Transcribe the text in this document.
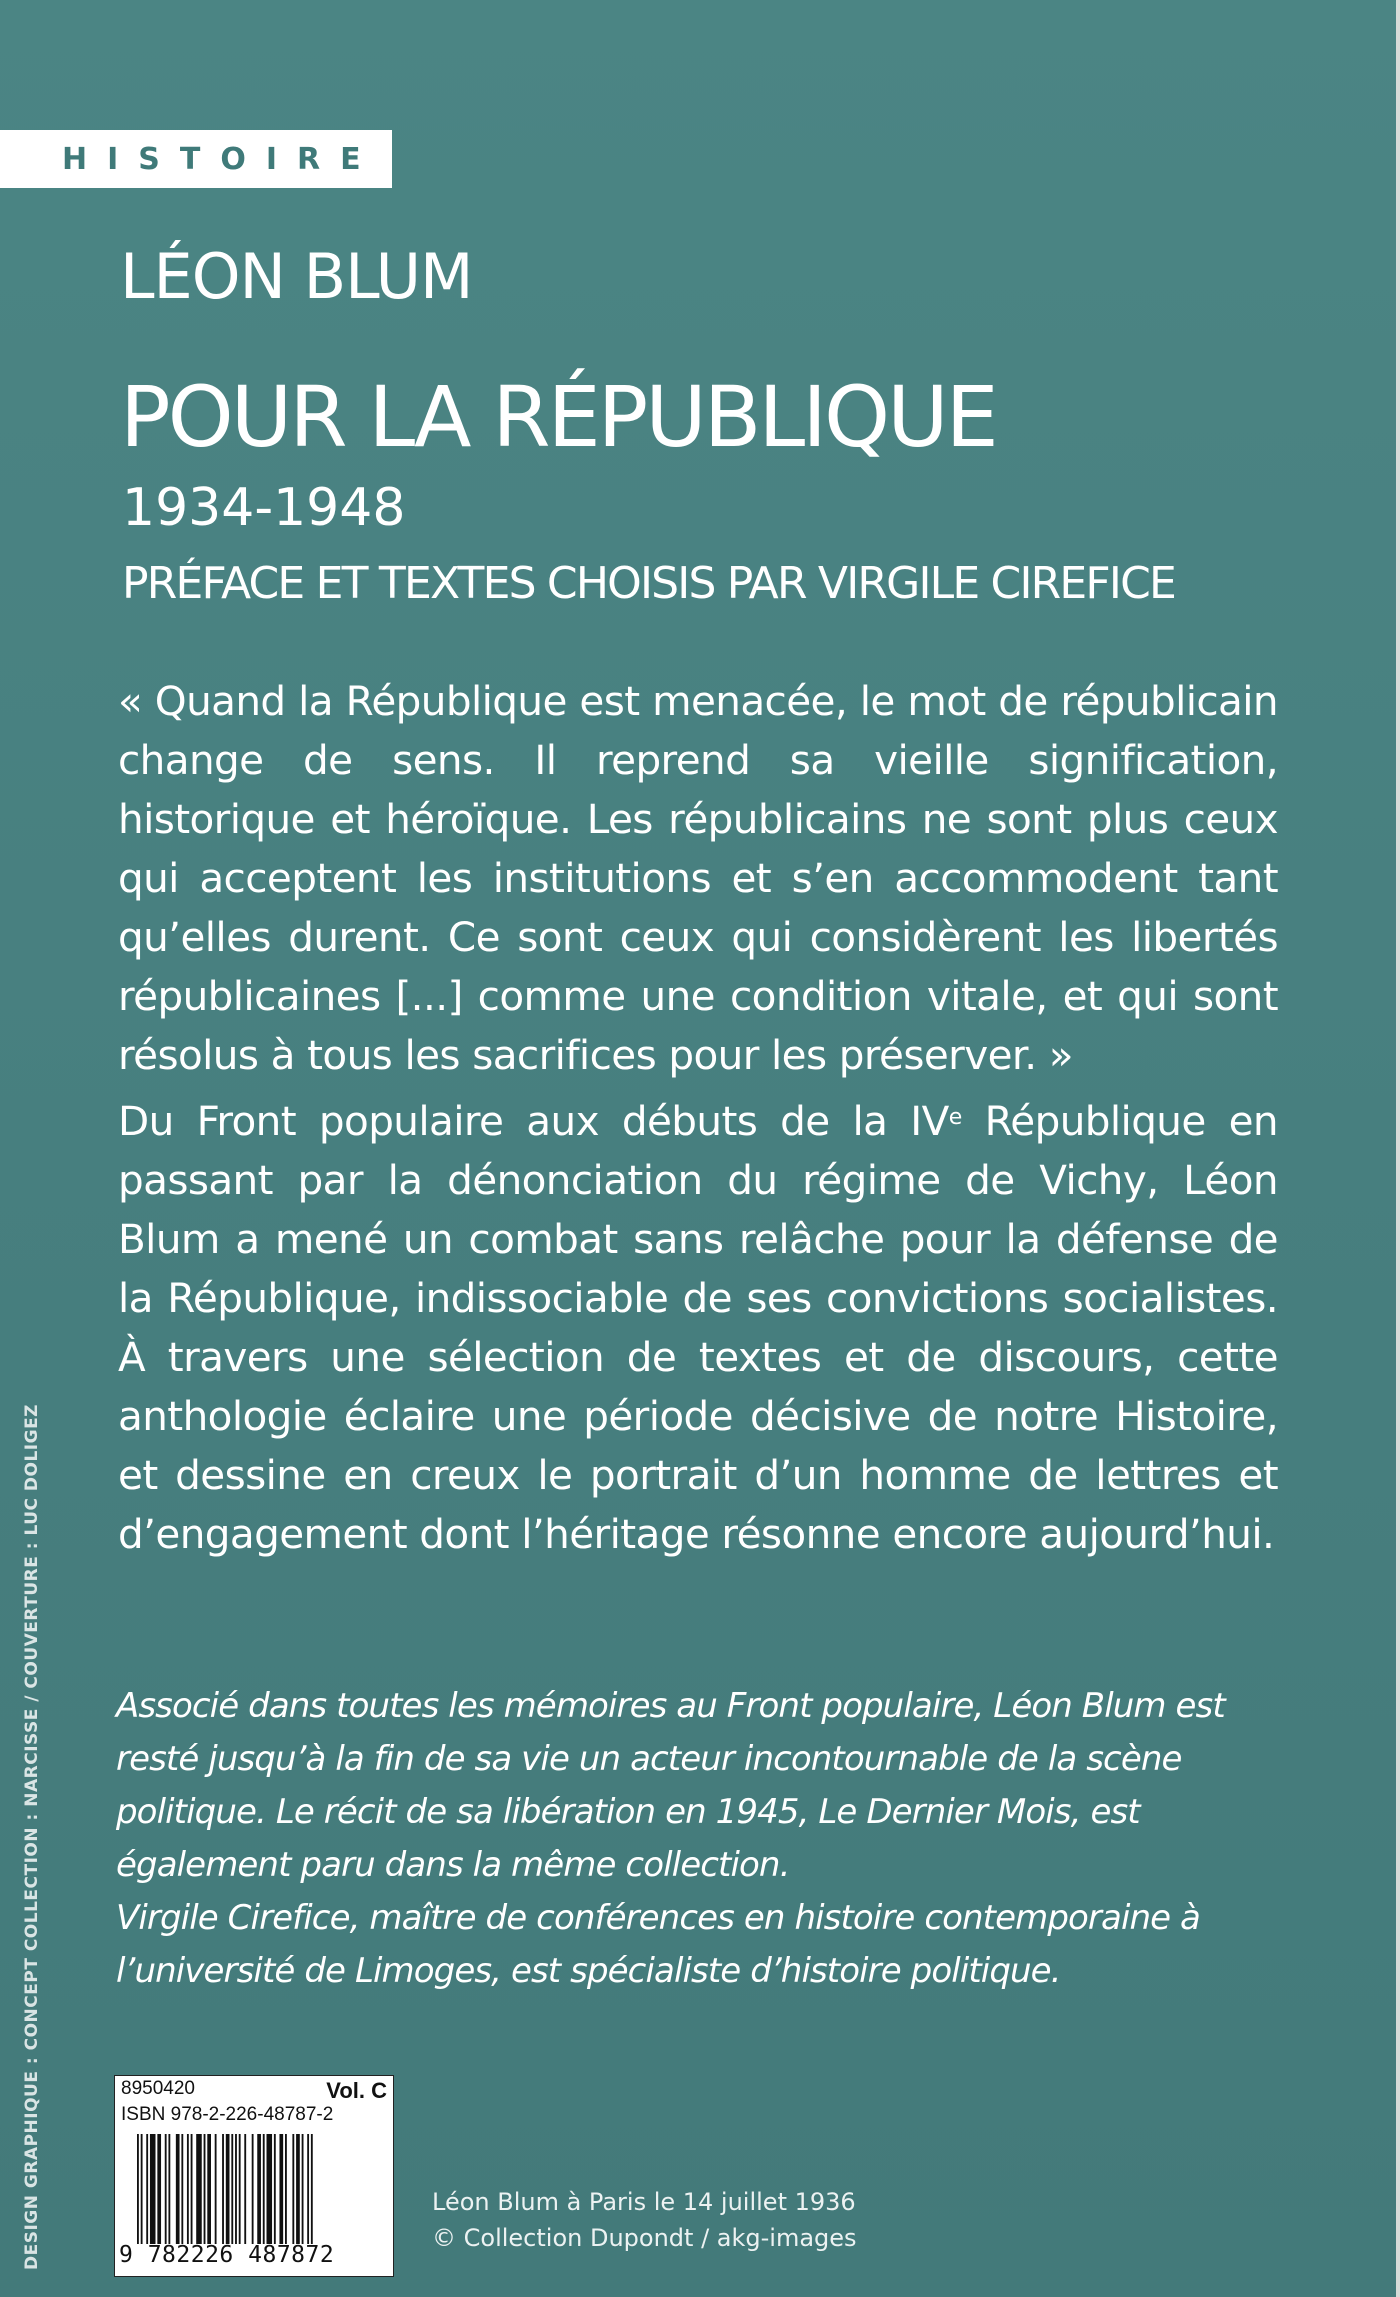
HISTOIRE
LÉON BLUM
POUR LA RÉPUBLIQUE
1934-1948
PRÉFACE ET TEXTES CHOISIS PAR VIRGILE CIREFICE
« Quand la République est menacée, le mot de républicain change de sens. Il reprend sa vieille signification, historique et héroïque. Les républicains ne sont plus ceux qui acceptent les institutions et s’en accommodent tant qu’elles durent. Ce sont ceux qui considèrent les libertés républicaines [...] comme une condition vitale, et qui sont résolus à tous les sacrifices pour les préserver. »
Du Front populaire aux débuts de la IVe République en passant par la dénonciation du régime de Vichy, Léon Blum a mené un combat sans relâche pour la défense de la République, indissociable de ses convictions socialistes. À travers une sélection de textes et de discours, cette anthologie éclaire une période décisive de notre Histoire, et dessine en creux le portrait d’un homme de lettres et d’engagement dont l’héritage résonne encore aujourd’hui.

Associé dans toutes les mémoires au Front populaire, Léon Blum est resté jusqu’à la fin de sa vie un acteur incontournable de la scène politique. Le récit de sa libération en 1945, Le Dernier Mois, est également paru dans la même collection.

Virgile Cirefice, maître de conférences en histoire contemporaine à l’université de Limoges, est spécialiste d’histoire politique.

DESIGN GRAPHIQUE : CONCEPT COLLECTION : NARCISSE / COUVERTURE : LUC DOLIGEZ	8950420	Vol. C
ISBN 978-2-226-48787-2
9 782226 487872
Léon Blum à Paris le 14 juillet 1936
© Collection Dupondt / akg-images
